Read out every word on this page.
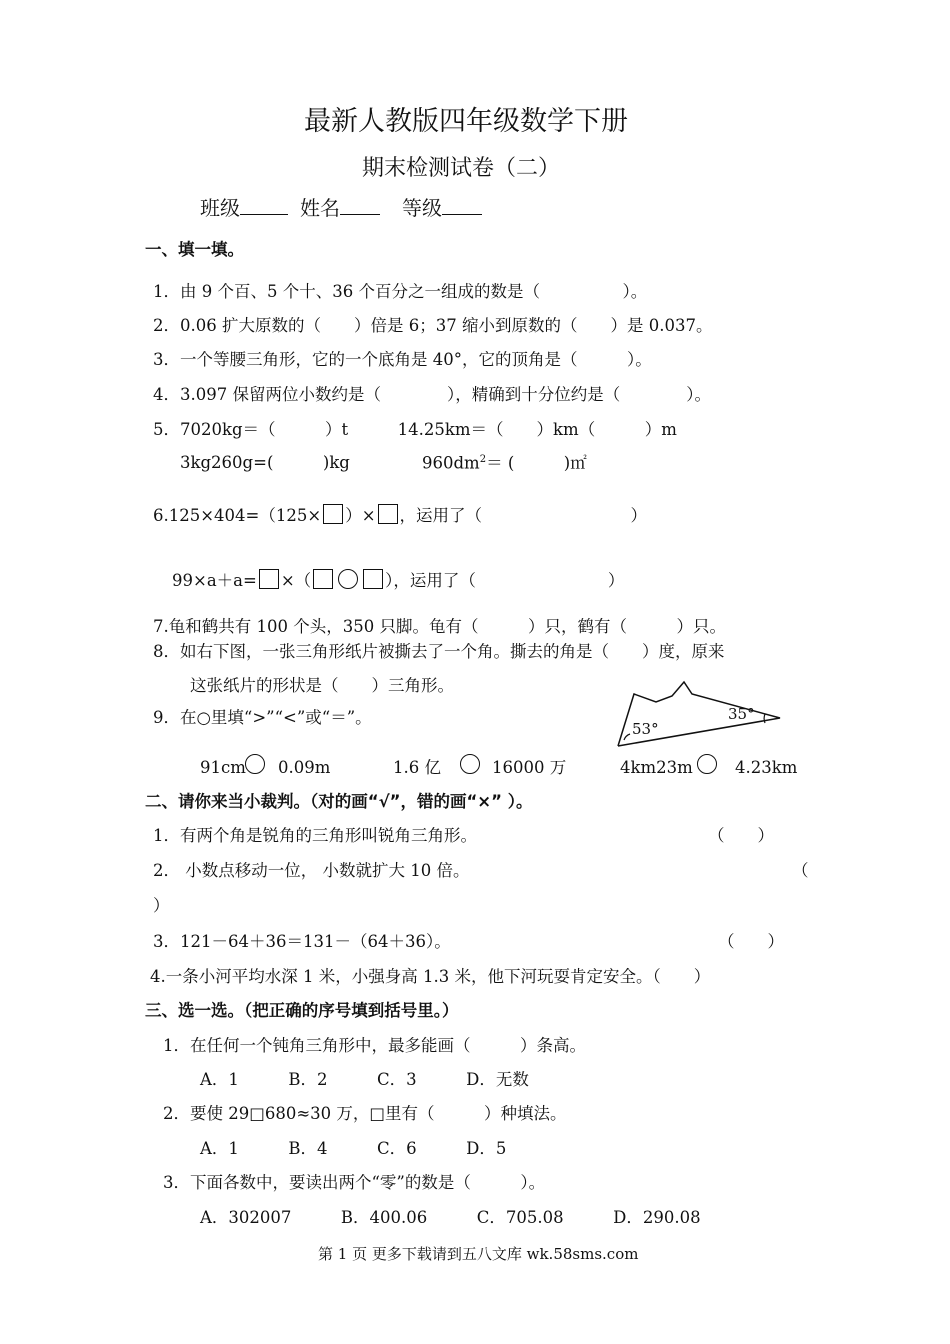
最新人教版四年级数学下册
期末检测试卷（二）
班级	姓名	等级
一、填一填。
1．由 9 个百、5 个十、36 个百分之一组成的数是（　　　　　）。
2．0.06 扩大原数的（　　）倍是 6；37 缩小到原数的（　　）是 0.037。
3．一个等腰三角形，它的一个底角是 40°，它的顶角是（　　　）。
4．3.097 保留两位小数约是（　　　　），精确到十分位约是（　　　　）。
5．7020kg＝（　　　）t　　　14.25km＝（　　）km（　　　）m
3kg260g=(　　　)kg	$960dm^2=$ (　　　)㎡
6.125×404=（125× ）× ，运用了（　　　　　　　　　）
99×a＋a= ×（	），运用了（　　　　　　　　）
7.龟和鹤共有 100 个头，350 只脚。龟有（　　　）只，鹤有（　　　）只。
8．如右下图，一张三角形纸片被撕去了一个角。撕去的角是（　　）度，原来
这张纸片的形状是（　　）三角形。
9．在○里填“>”“<”或“＝”。
53°
35°
91cm 0.09m	1.6 亿	16000 万	4km23m	4.23km
二、请你来当小裁判。（对的画“√”，错的画“×” ）。
1．有两个角是锐角的三角形叫锐角三角形。	（　　）
2． 小数点移动一位， 小数就扩大 10 倍。	（
）
3．121－64＋36＝131－（64＋36）。	（　　）
4.一条小河平均水深 1 米，小强身高 1.3 米，他下河玩耍肯定安全。（　　）
三、选一选。（把正确的序号填到括号里。）
1．在任何一个钝角三角形中，最多能画（　　　）条高。
A．1　　　B．2　　　C．3　　　D．无数
2．要使 29□680≈30 万，□里有（　　　）种填法。
A．1　　　B．4　　　C．6　　　D．5
3．下面各数中，要读出两个“零”的数是（　　　）。
A．302007　　　B．400.06　　　C．705.08　　　D．290.08
第 1 页 更多下载请到五八文库 wk.58sms.com
